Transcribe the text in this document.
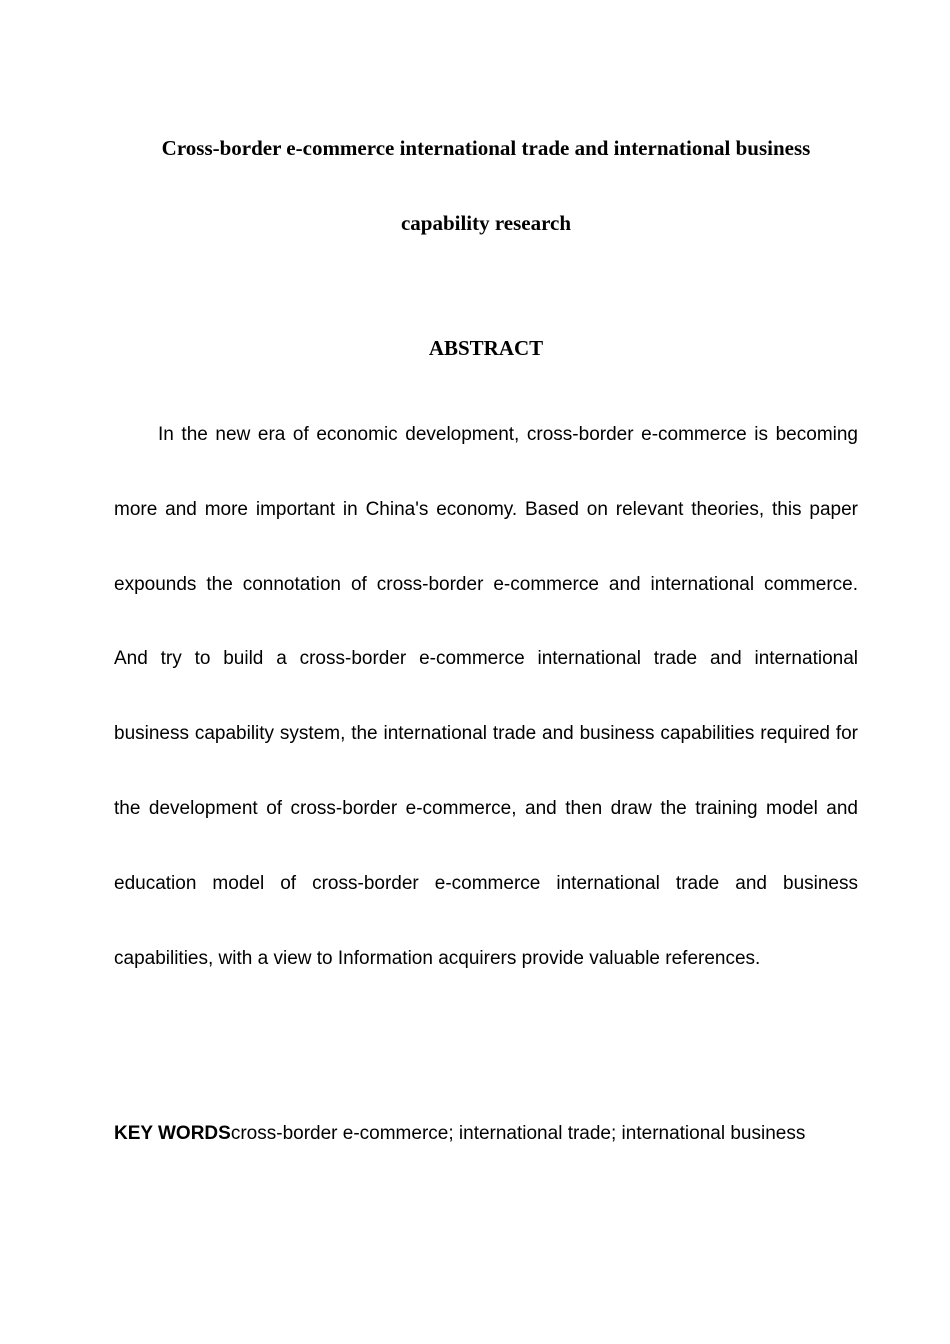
Cross-border e-commerce international trade and international business
capability research
ABSTRACT

In the new era of economic development, cross-border e-commerce is becoming more and more important in China's economy. Based on relevant theories, this paper expounds the connotation of cross-border e-commerce and international commerce. And try to build a cross-border e-commerce international trade and international business capability system, the international trade and business capabilities required for the development of cross-border e-commerce, and then draw the training model and education model of cross-border e-commerce international trade and business capabilities, with a view to Information acquirers provide valuable references.

KEY WORDScross-border e-commerce; international trade; international business
